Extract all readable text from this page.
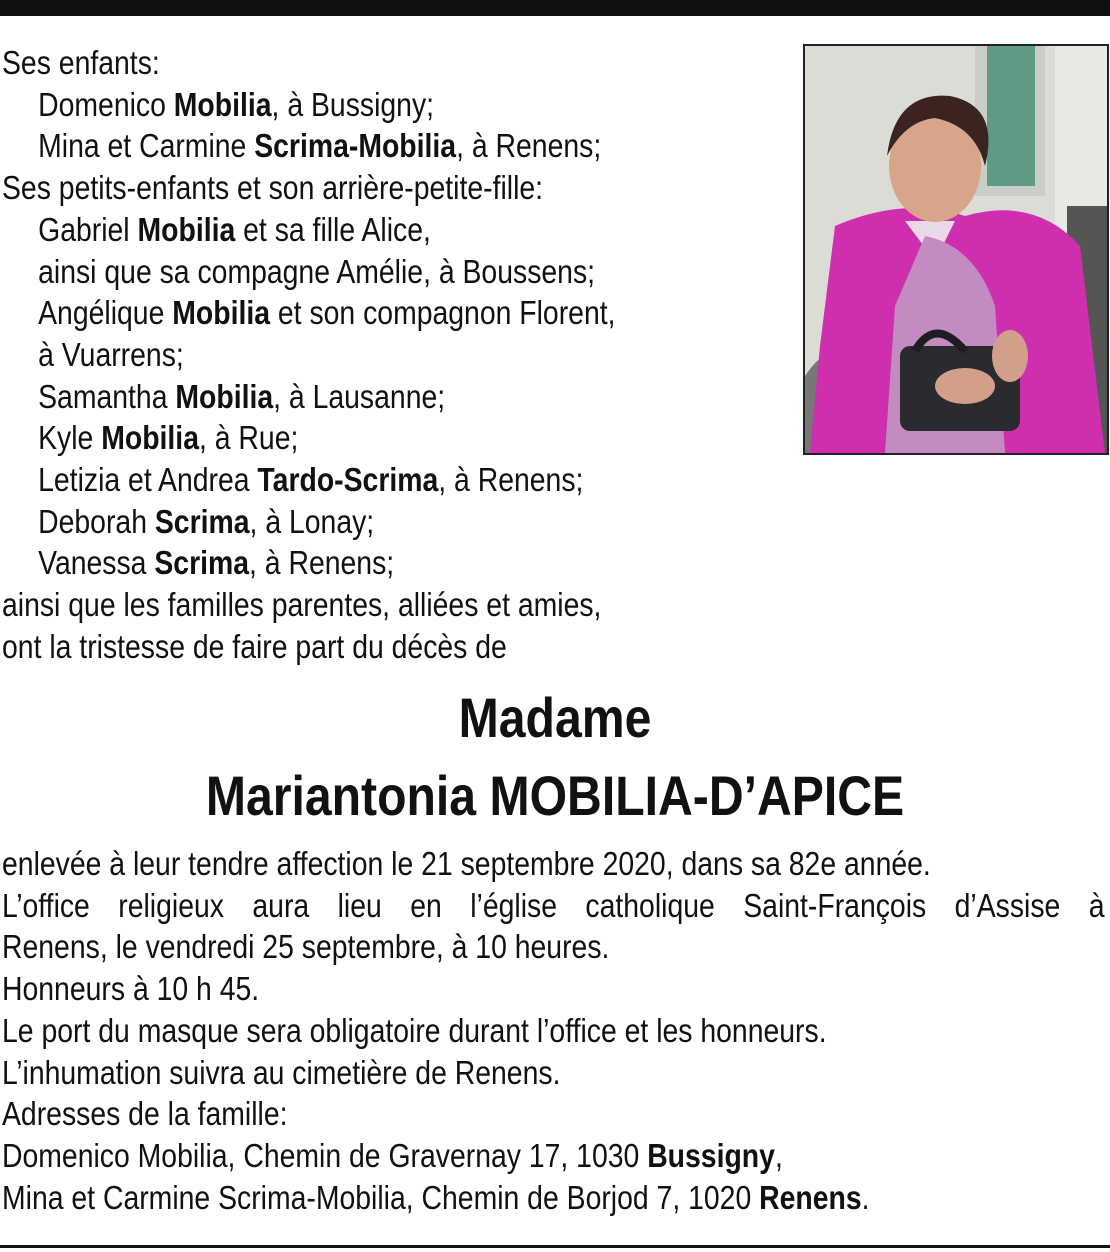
Ses enfants:
Domenico Mobilia, à Bussigny;
Mina et Carmine Scrima-Mobilia, à Renens;
Ses petits-enfants et son arrière-petite-fille:
Gabriel Mobilia et sa fille Alice,
ainsi que sa compagne Amélie, à Boussens;
Angélique Mobilia et son compagnon Florent,
à Vuarrens;
Samantha Mobilia, à Lausanne;
Kyle Mobilia, à Rue;
Letizia et Andrea Tardo-Scrima, à Renens;
Deborah Scrima, à Lonay;
Vanessa Scrima, à Renens;
ainsi que les familles parentes, alliées et amies,
ont la tristesse de faire part du décès de
Madame
Mariantonia MOBILIA-D’APICE
enlevée à leur tendre affection le 21 septembre 2020, dans sa 82e année.
L’office religieux aura lieu en l’église catholique Saint-François d’Assise à
Renens, le vendredi 25 septembre, à 10 heures.
Honneurs à 10 h 45.
Le port du masque sera obligatoire durant l’office et les honneurs.
L’inhumation suivra au cimetière de Renens.
Adresses de la famille:
Domenico Mobilia, Chemin de Gravernay 17, 1030 Bussigny,
Mina et Carmine Scrima-Mobilia, Chemin de Borjod 7, 1020 Renens.
